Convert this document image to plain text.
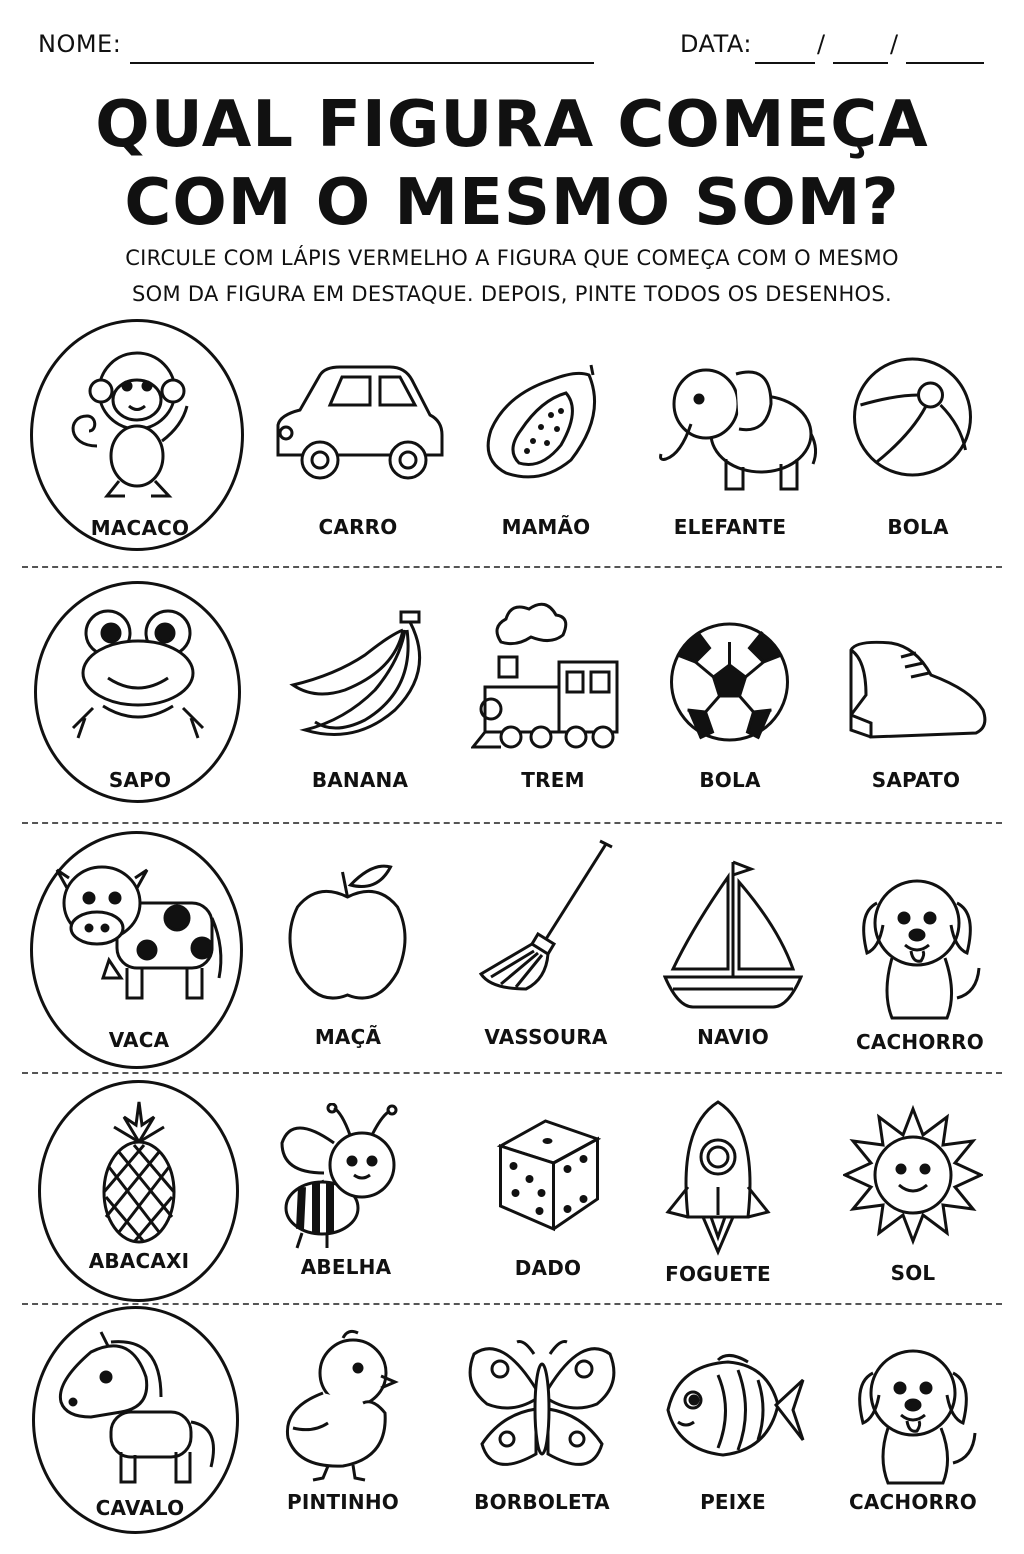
NOME:	DATA:	/	/
QUAL FIGURA COMEÇA
COM O MESMO SOM?
CIRCULE COM LÁPIS VERMELHO A FIGURA QUE COMEÇA COM O MESMO
SOM DA FIGURA EM DESTAQUE. DEPOIS, PINTE TODOS OS DESENHOS.
MACACO	CARRO	MAMÃO	ELEFANTE	BOLA
SAPO	BANANA	TREM	BOLA	SAPATO
VACA	MAÇÃ	VASSOURA	NAVIO	CACHORRO
ABACAXI	ABELHA	DADO	FOGUETE	SOL
CAVALO	PINTINHO	BORBOLETA	PEIXE	CACHORRO
